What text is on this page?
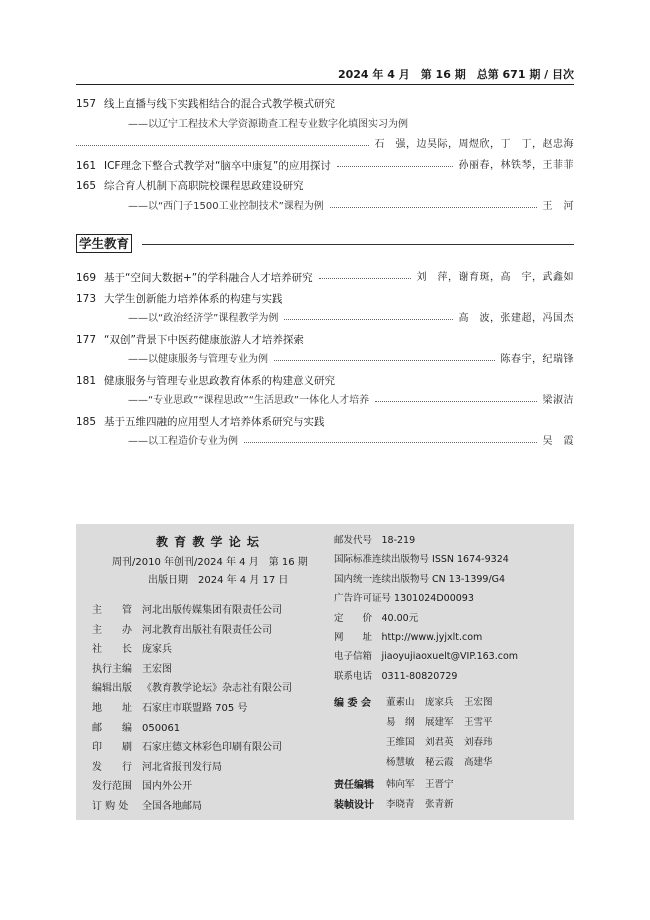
2024 年 4 月　第 16 期　总第 671 期 / 目次
157 线上直播与线下实践相结合的混合式教学模式研究
——以辽宁工程技术大学资源勘查工程专业数字化填图实习为例
石　强，边昊际，周煜欣，丁　丁，赵忠海
161 ICF理念下整合式教学对“脑卒中康复”的应用探讨	孙丽春，林铁琴，王菲菲
165 综合育人机制下高职院校课程思政建设研究
——以“西门子1500工业控制技术”课程为例	王　河
学生教育
169 基于“空间大数据+”的学科融合人才培养研究	刘　萍，谢育斑，高　宇，武鑫如
173 大学生创新能力培养体系的构建与实践
——以“政治经济学”课程教学为例	高　波，张建超，冯国杰
177 “双创”背景下中医药健康旅游人才培养探索
——以健康服务与管理专业为例	陈春宇，纪瑞锋
181 健康服务与管理专业思政教育体系的构建意义研究
——“专业思政”“课程思政”“生活思政”一体化人才培养	梁淑洁
185 基于五维四融的应用型人才培养体系研究与实践
——以工程造价专业为例	吴　霞
教 育 教 学 论 坛
周刊/2010 年创刊/2024 年 4 月　第 16 期
出版日期　2024 年 4 月 17 日
主　　管 河北出版传媒集团有限责任公司
主　　办 河北教育出版社有限责任公司
社　　长 庞家兵
执行主编 王宏图
编辑出版 《教育教学论坛》杂志社有限公司
地　　址 石家庄市联盟路 705 号
邮　　编 050061
印　　刷 石家庄德文林彩色印刷有限公司
发　　行 河北省报刊发行局
发行范围 国内外公开
订 购 处 全国各地邮局
邮发代号　18-219
国际标准连续出版物号 ISSN 1674-9324
国内统一连续出版物号 CN 13-1399/G4
广告许可证号 1301024D00093
定　　价　40.00元
网　　址　http://www.jyjxlt.com
电子信箱　jiaoyujiaoxuelt@VIP.163.com
联系电话　0311-80820729
编 委 会 董素山 庞家兵 王宏图
易　纲 展建军 王雪平
王维国 刘君英 刘春玮
杨慧敏 秘云霞 高建华
责任编辑 韩向军 王晋宁
装帧设计 李晓青 张青新
